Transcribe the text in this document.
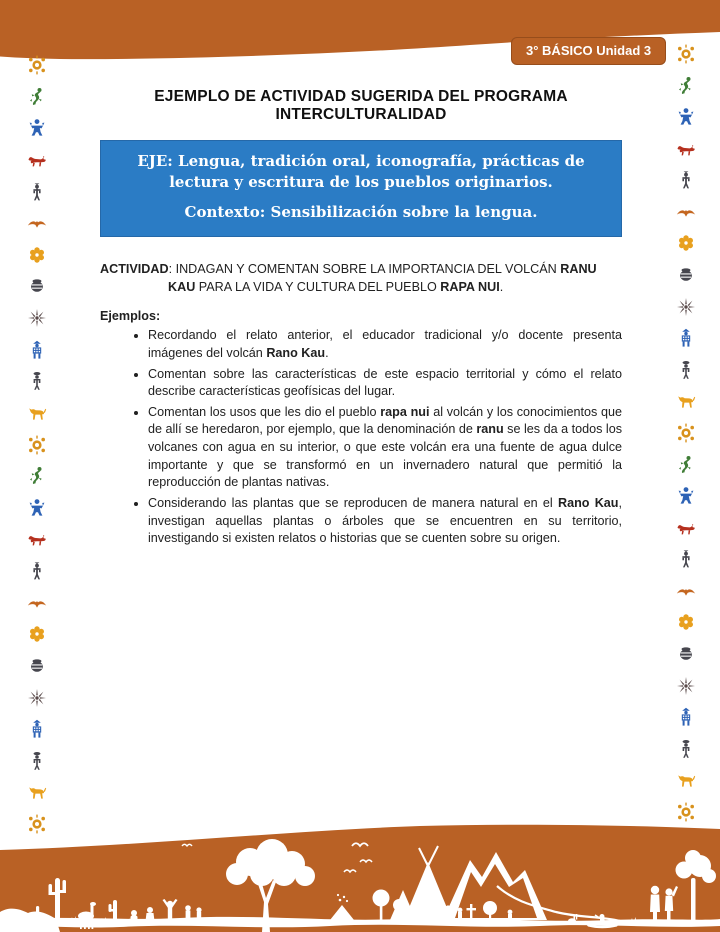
3° BÁSICO Unidad 3
EJEMPLO DE ACTIVIDAD SUGERIDA DEL PROGRAMA INTERCULTURALIDAD

EJE: Lengua, tradición oral, iconografía, prácticas de lectura y escritura de los pueblos originarios.

Contexto: Sensibilización sobre la lengua.

ACTIVIDAD: INDAGAN Y COMENTAN SOBRE LA IMPORTANCIA DEL VOLCÁN RANU KAU PARA LA VIDA Y CULTURA DEL PUEBLO RAPA NUI.

Ejemplos:

• Recordando el relato anterior, el educador tradicional y/o docente presenta imágenes del volcán Rano Kau.
• Comentan sobre las características de este espacio territorial y cómo el relato describe características geofísicas del lugar.
• Comentan los usos que les dio el pueblo rapa nui al volcán y los conocimientos que de allí se heredaron, por ejemplo, que la denominación de ranu se les da a todos los volcanes con agua en su interior, o que este volcán era una fuente de agua dulce importante y que se transformó en un invernadero natural que permitió la reproducción de plantas nativas.
• Considerando las plantas que se reproducen de manera natural en el Rano Kau, investigan aquellas plantas o árboles que se encuentren en su territorio, investigando si existen relatos o historias que se cuenten sobre su origen.
